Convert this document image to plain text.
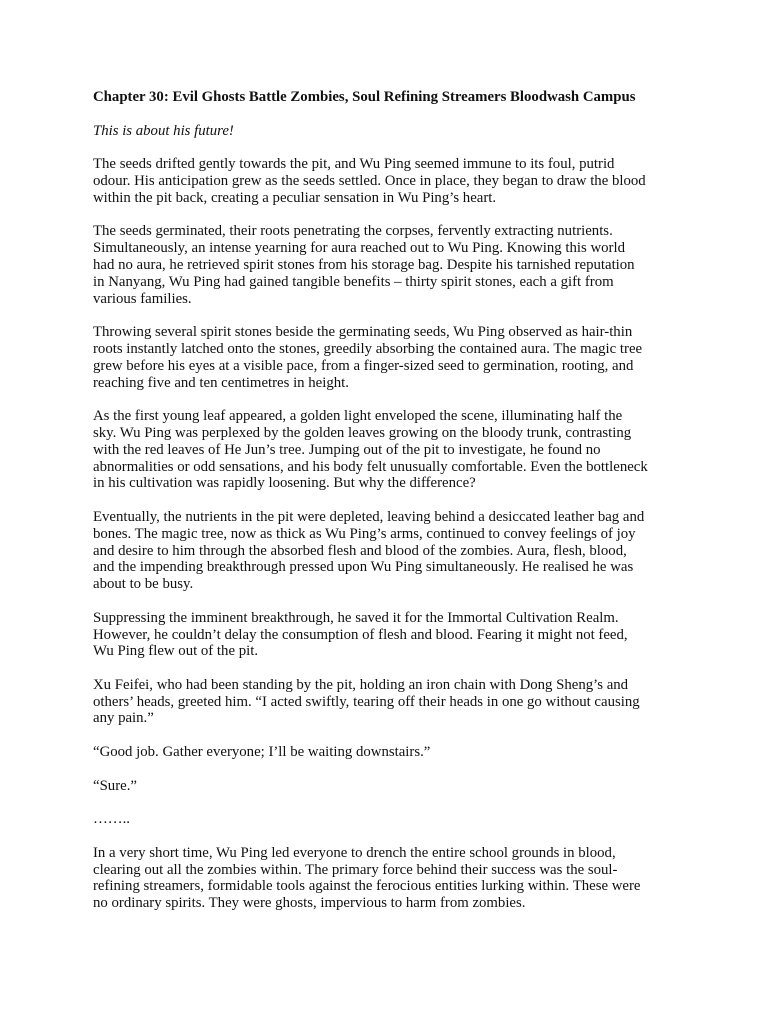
Chapter 30: Evil Ghosts Battle Zombies, Soul Refining Streamers Bloodwash Campus
This is about his future!
The seeds drifted gently towards the pit, and Wu Ping seemed immune to its foul, putrid
odour. His anticipation grew as the seeds settled. Once in place, they began to draw the blood
within the pit back, creating a peculiar sensation in Wu Ping’s heart.
The seeds germinated, their roots penetrating the corpses, fervently extracting nutrients.
Simultaneously, an intense yearning for aura reached out to Wu Ping. Knowing this world
had no aura, he retrieved spirit stones from his storage bag. Despite his tarnished reputation
in Nanyang, Wu Ping had gained tangible benefits – thirty spirit stones, each a gift from
various families.
Throwing several spirit stones beside the germinating seeds, Wu Ping observed as hair-thin
roots instantly latched onto the stones, greedily absorbing the contained aura. The magic tree
grew before his eyes at a visible pace, from a finger-sized seed to germination, rooting, and
reaching five and ten centimetres in height.
As the first young leaf appeared, a golden light enveloped the scene, illuminating half the
sky. Wu Ping was perplexed by the golden leaves growing on the bloody trunk, contrasting
with the red leaves of He Jun’s tree. Jumping out of the pit to investigate, he found no
abnormalities or odd sensations, and his body felt unusually comfortable. Even the bottleneck
in his cultivation was rapidly loosening. But why the difference?
Eventually, the nutrients in the pit were depleted, leaving behind a desiccated leather bag and
bones. The magic tree, now as thick as Wu Ping’s arms, continued to convey feelings of joy
and desire to him through the absorbed flesh and blood of the zombies. Aura, flesh, blood,
and the impending breakthrough pressed upon Wu Ping simultaneously. He realised he was
about to be busy.
Suppressing the imminent breakthrough, he saved it for the Immortal Cultivation Realm.
However, he couldn’t delay the consumption of flesh and blood. Fearing it might not feed,
Wu Ping flew out of the pit.
Xu Feifei, who had been standing by the pit, holding an iron chain with Dong Sheng’s and
others’ heads, greeted him. “I acted swiftly, tearing off their heads in one go without causing
any pain.”
“Good job. Gather everyone; I’ll be waiting downstairs.”
“Sure.”
……..
In a very short time, Wu Ping led everyone to drench the entire school grounds in blood,
clearing out all the zombies within. The primary force behind their success was the soul-
refining streamers, formidable tools against the ferocious entities lurking within. These were
no ordinary spirits. They were ghosts, impervious to harm from zombies.
